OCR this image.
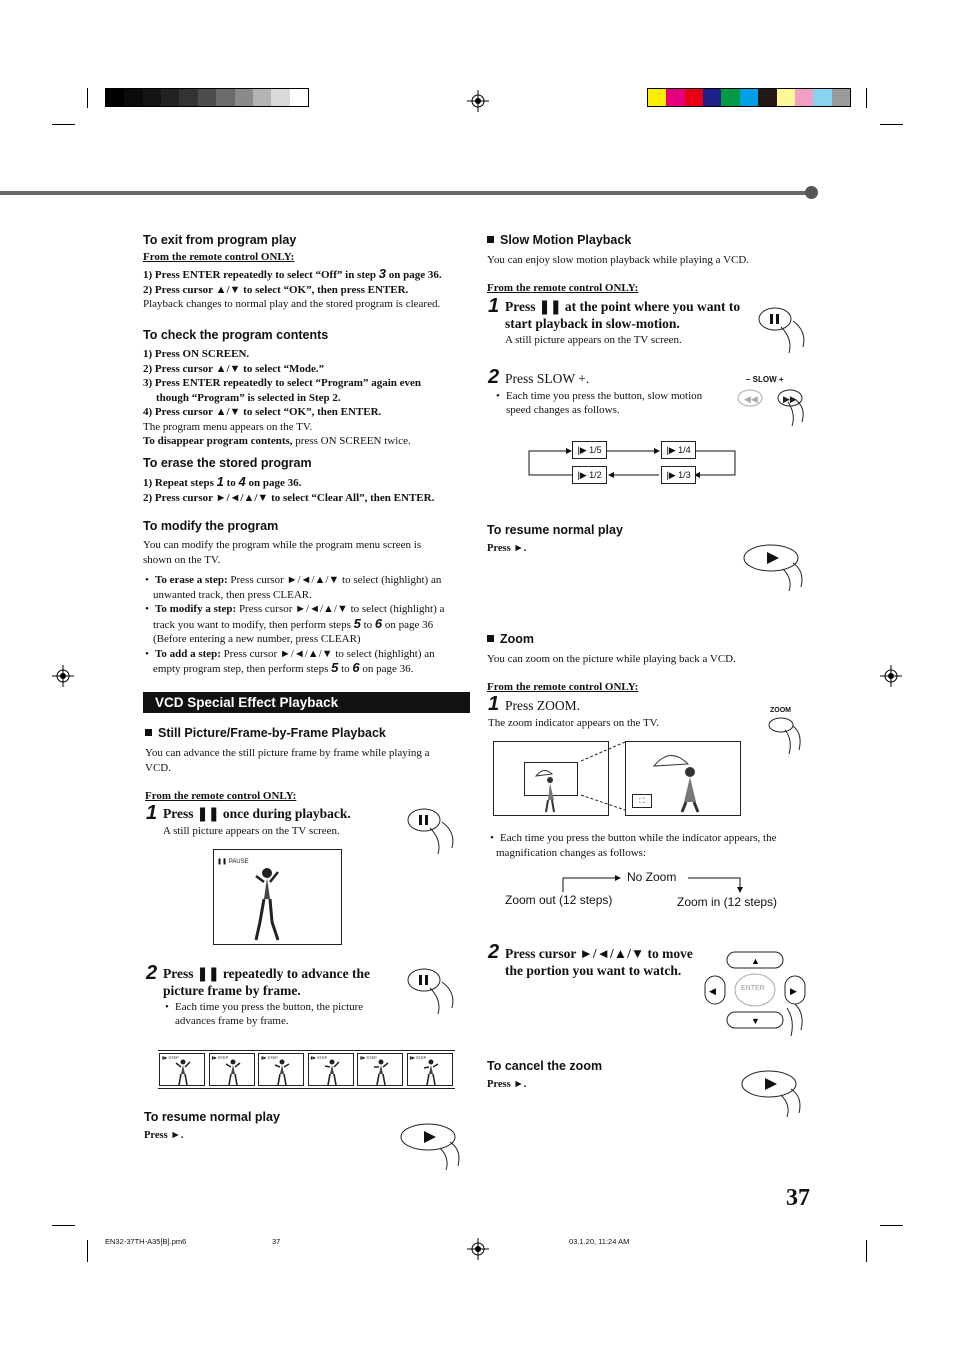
To exit from program play
From the remote control ONLY:
1) Press ENTER repeatedly to select “Off” in step 3 on page 36.
2) Press cursor ▲/▼ to select “OK”, then press ENTER.
Playback changes to normal play and the stored program is cleared.
To check the program contents
1) Press ON SCREEN.
2) Press cursor ▲/▼ to select “Mode.”
3) Press ENTER repeatedly to select “Program” again even
though “Program” is selected in Step 2.
4) Press cursor ▲/▼ to select “OK”, then ENTER.
The program menu appears on the TV.
To disappear program contents, press ON SCREEN twice.
To erase the stored program
1) Repeat steps 1 to 4 on page 36.
2) Press cursor ►/◄/▲/▼ to select “Clear All”, then ENTER.
To modify the program
You can modify the program while the program menu screen is
shown on the TV.
• To erase a step: Press cursor ►/◄/▲/▼ to select (highlight) an
unwanted track, then press CLEAR.
• To modify a step: Press cursor ►/◄/▲/▼ to select (highlight) a
track you want to modify, then perform steps 5 to 6 on page 36
(Before entering a new number, press CLEAR)
• To add a step: Press cursor ►/◄/▲/▼ to select (highlight) an
empty program step, then perform steps 5 to 6 on page 36.
VCD Special Effect Playback
Still Picture/Frame-by-Frame Playback
You can advance the still picture frame by frame while playing a
VCD.
From the remote control ONLY:
1 Press ❚❚ once during playback.
A still picture appears on the TV screen.
❚❚ PAUSE
2 Press ❚❚ repeatedly to advance the
picture frame by frame.
• Each time you press the button, the picture
advances frame by frame.
▮▶ STEP	▮▶ STEP	▮▶ STEP	▮▶ STEP	▮▶ STEP	▮▶ STEP
To resume normal play
Press ►.
Slow Motion Playback
You can enjoy slow motion playback while playing a VCD.
From the remote control ONLY:
1 Press ❚❚ at the point where you want to
start playback in slow-motion.
A still picture appears on the TV screen.
2 Press SLOW +.
• Each time you press the button, slow motion
speed changes as follows.
– SLOW +
◀◀	▶▶
|▶ 1/5	|▶ 1/4
|▶ 1/2	|▶ 1/3
To resume normal play
Press ►.
Zoom
You can zoom on the picture while playing back a VCD.
From the remote control ONLY:
1 Press ZOOM.
The zoom indicator appears on the TV.
ZOOM
⛶
• Each time you press the button while the indicator appears, the
magnification changes as follows:
No Zoom
Zoom out (12 steps)	Zoom in (12 steps)
2 Press cursor ►/◄/▲/▼ to move
the portion you want to watch.
▲
▼
◀	▶
ENTER
To cancel the zoom
Press ►.
37
EN32-37TH-A35[B].pm6	37	03.1.20, 11:24 AM
